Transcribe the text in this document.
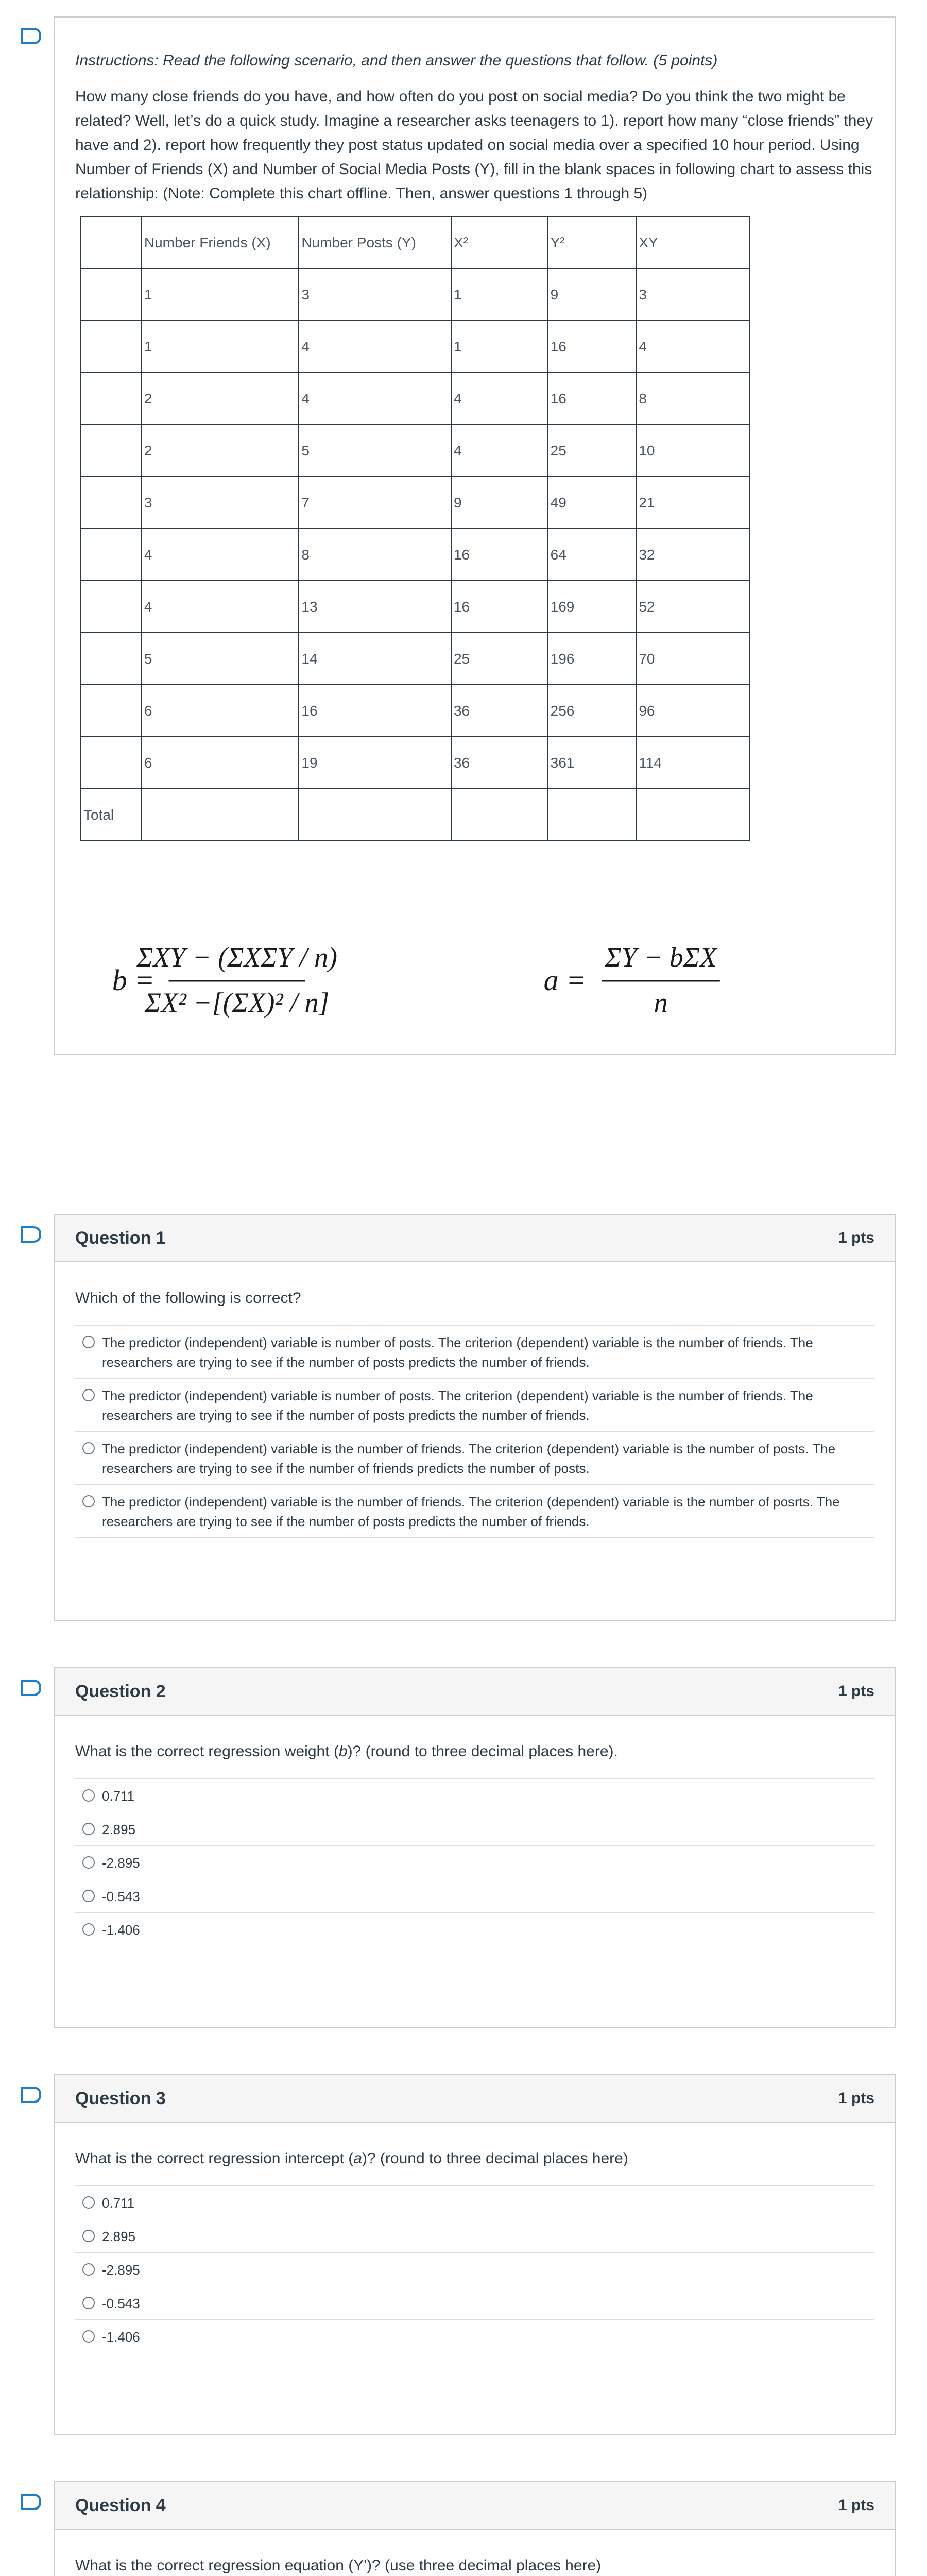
Instructions: Read the following scenario, and then answer the questions that follow. (5 points)

How many close friends do you have, and how often do you post on social media? Do you think the two might be related? Well, let’s do a quick study. Imagine a researcher asks teenagers to 1). report how many “close friends” they have and 2). report how frequently they post status updated on social media over a specified 10 hour period. Using Number of Friends (X) and Number of Social Media Posts (Y), fill in the blank spaces in following chart to assess this relationship: (Note: Complete this chart offline. Then, answer questions 1 through 5)

	Number Friends (X)	Number Posts (Y)	X²	Y²	XY
	1	3	1	9	3
	1	4	1	16	4
	2	4	4	16	8
	2	5	4	25	10
	3	7	9	49	21
	4	8	16	64	32
	4	13	16	169	52
	5	14	25	196	70
	6	16	36	256	96
	6	19	36	361	114
Total					
b =
ΣXY − (ΣXΣY / n)
ΣX² −[(ΣX)² / n]
a =
ΣY − bΣX
n
Question 1	1 pts

Which of the following is correct?

The predictor (independent) variable is number of posts. The criterion (dependent) variable is the number of friends. The researchers are trying to see if the number of posts predicts the number of friends.
The predictor (independent) variable is number of posts. The criterion (dependent) variable is the number of friends. The researchers are trying to see if the number of posts predicts the number of friends.
The predictor (independent) variable is the number of friends. The criterion (dependent) variable is the number of posts. The researchers are trying to see if the number of friends predicts the number of posts.
The predictor (independent) variable is the number of friends. The criterion (dependent) variable is the number of posrts. The researchers are trying to see if the number of posts predicts the number of friends.
Question 2	1 pts

What is the correct regression weight (b)? (round to three decimal places here).

0.711
2.895
-2.895
-0.543
-1.406
Question 3	1 pts

What is the correct regression intercept (a)? (round to three decimal places here)

0.711
2.895
-2.895
-0.543
-1.406
Question 4	1 pts

What is the correct regression equation (Y')? (use three decimal places here)
